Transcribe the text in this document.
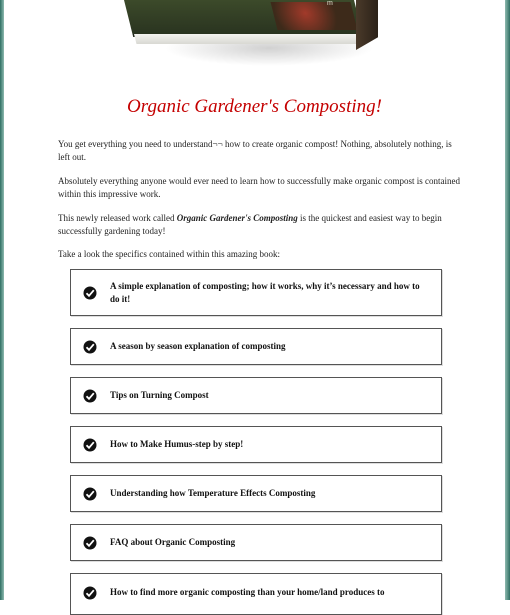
m
Organic Gardener's Composting!

You get everything you need to understand¬¬ how to create organic compost! Nothing, absolutely nothing, is left out.

Absolutely everything anyone would ever need to learn how to successfully make organic compost is contained within this impressive work.

This newly released work called Organic Gardener's Composting is the quickest and easiest way to begin successfully gardening today!

Take a look the specifics contained within this amazing book:

A simple explanation of composting; how it works, why it’s necessary and how to do it!
A season by season explanation of composting
Tips on Turning Compost
How to Make Humus-step by step!
Understanding how Temperature Effects Composting
FAQ about Organic Composting
How to find more organic composting than your home/land produces to
